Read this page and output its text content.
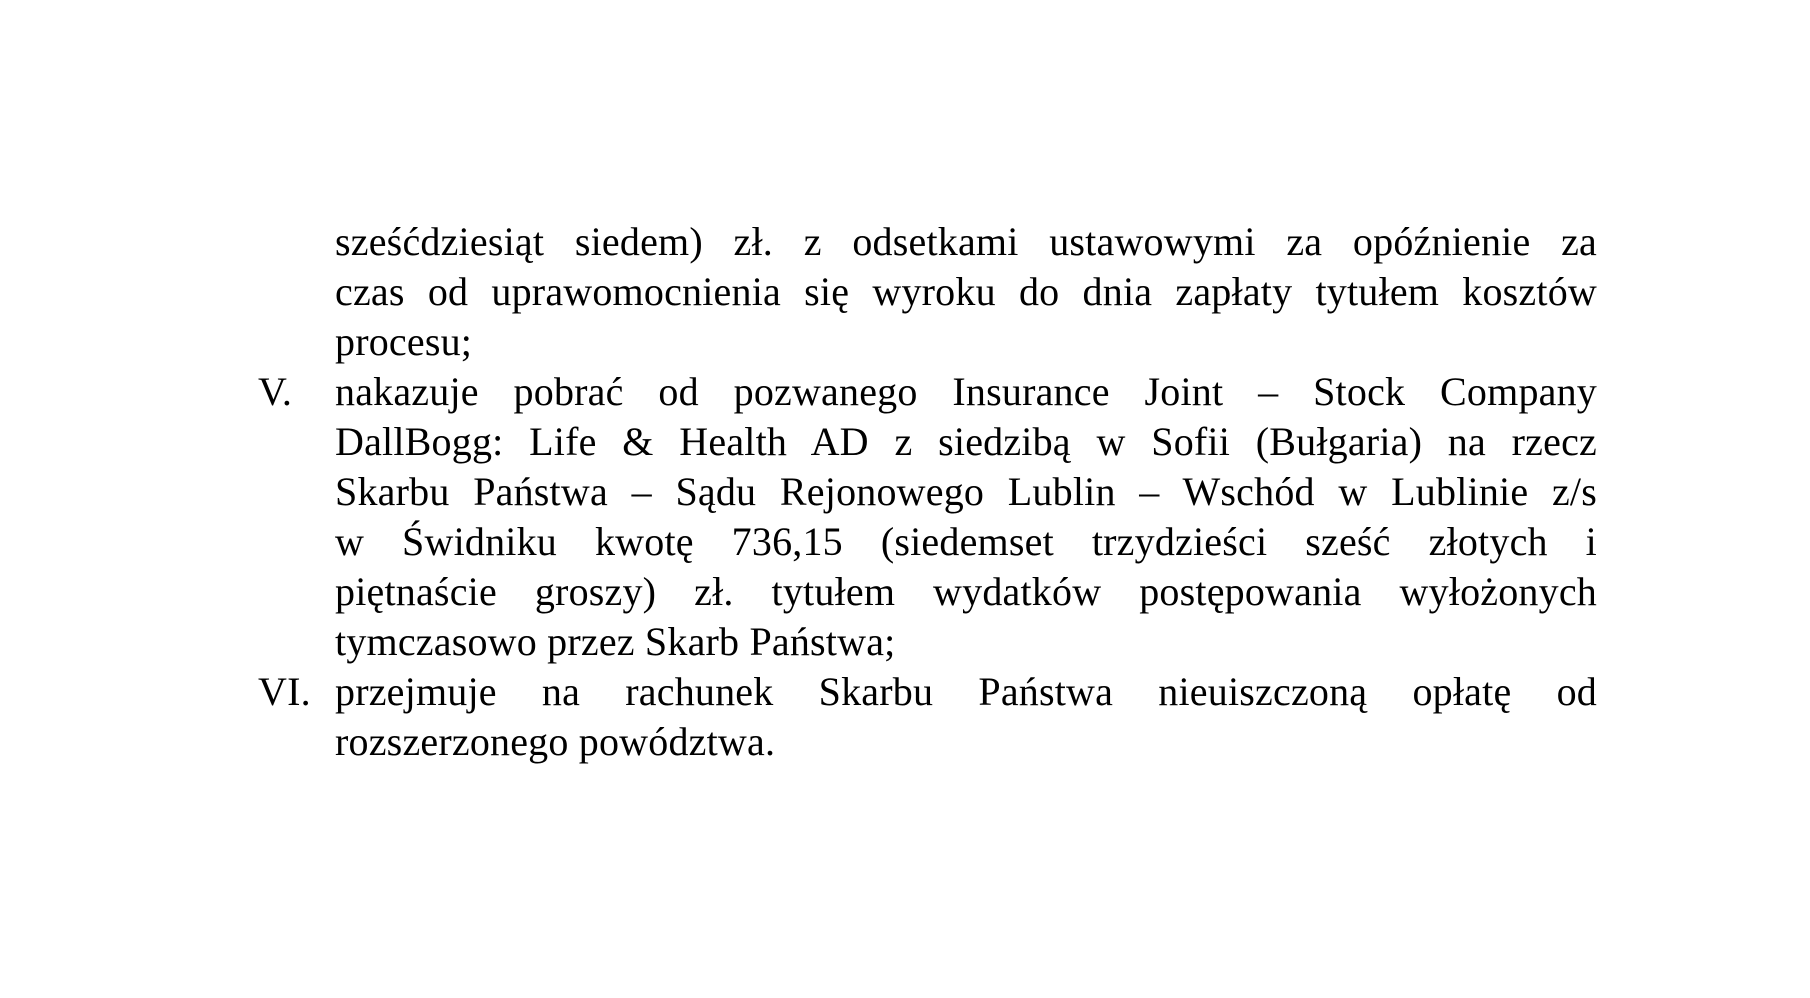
sześćdziesiąt siedem) zł. z odsetkami ustawowymi za opóźnienie za
czas od uprawomocnienia się wyroku do dnia zapłaty tytułem kosztów
procesu;
V.	nakazuje pobrać od pozwanego Insurance Joint – Stock Company
DallBogg: Life & Health AD z siedzibą w Sofii (Bułgaria) na rzecz
Skarbu Państwa – Sądu Rejonowego Lublin – Wschód w Lublinie z/s
w Świdniku kwotę 736,15 (siedemset trzydzieści sześć złotych i
piętnaście groszy) zł. tytułem wydatków postępowania wyłożonych
tymczasowo przez Skarb Państwa;
VI. przejmuje na rachunek Skarbu Państwa nieuiszczoną opłatę od
rozszerzonego powództwa.
